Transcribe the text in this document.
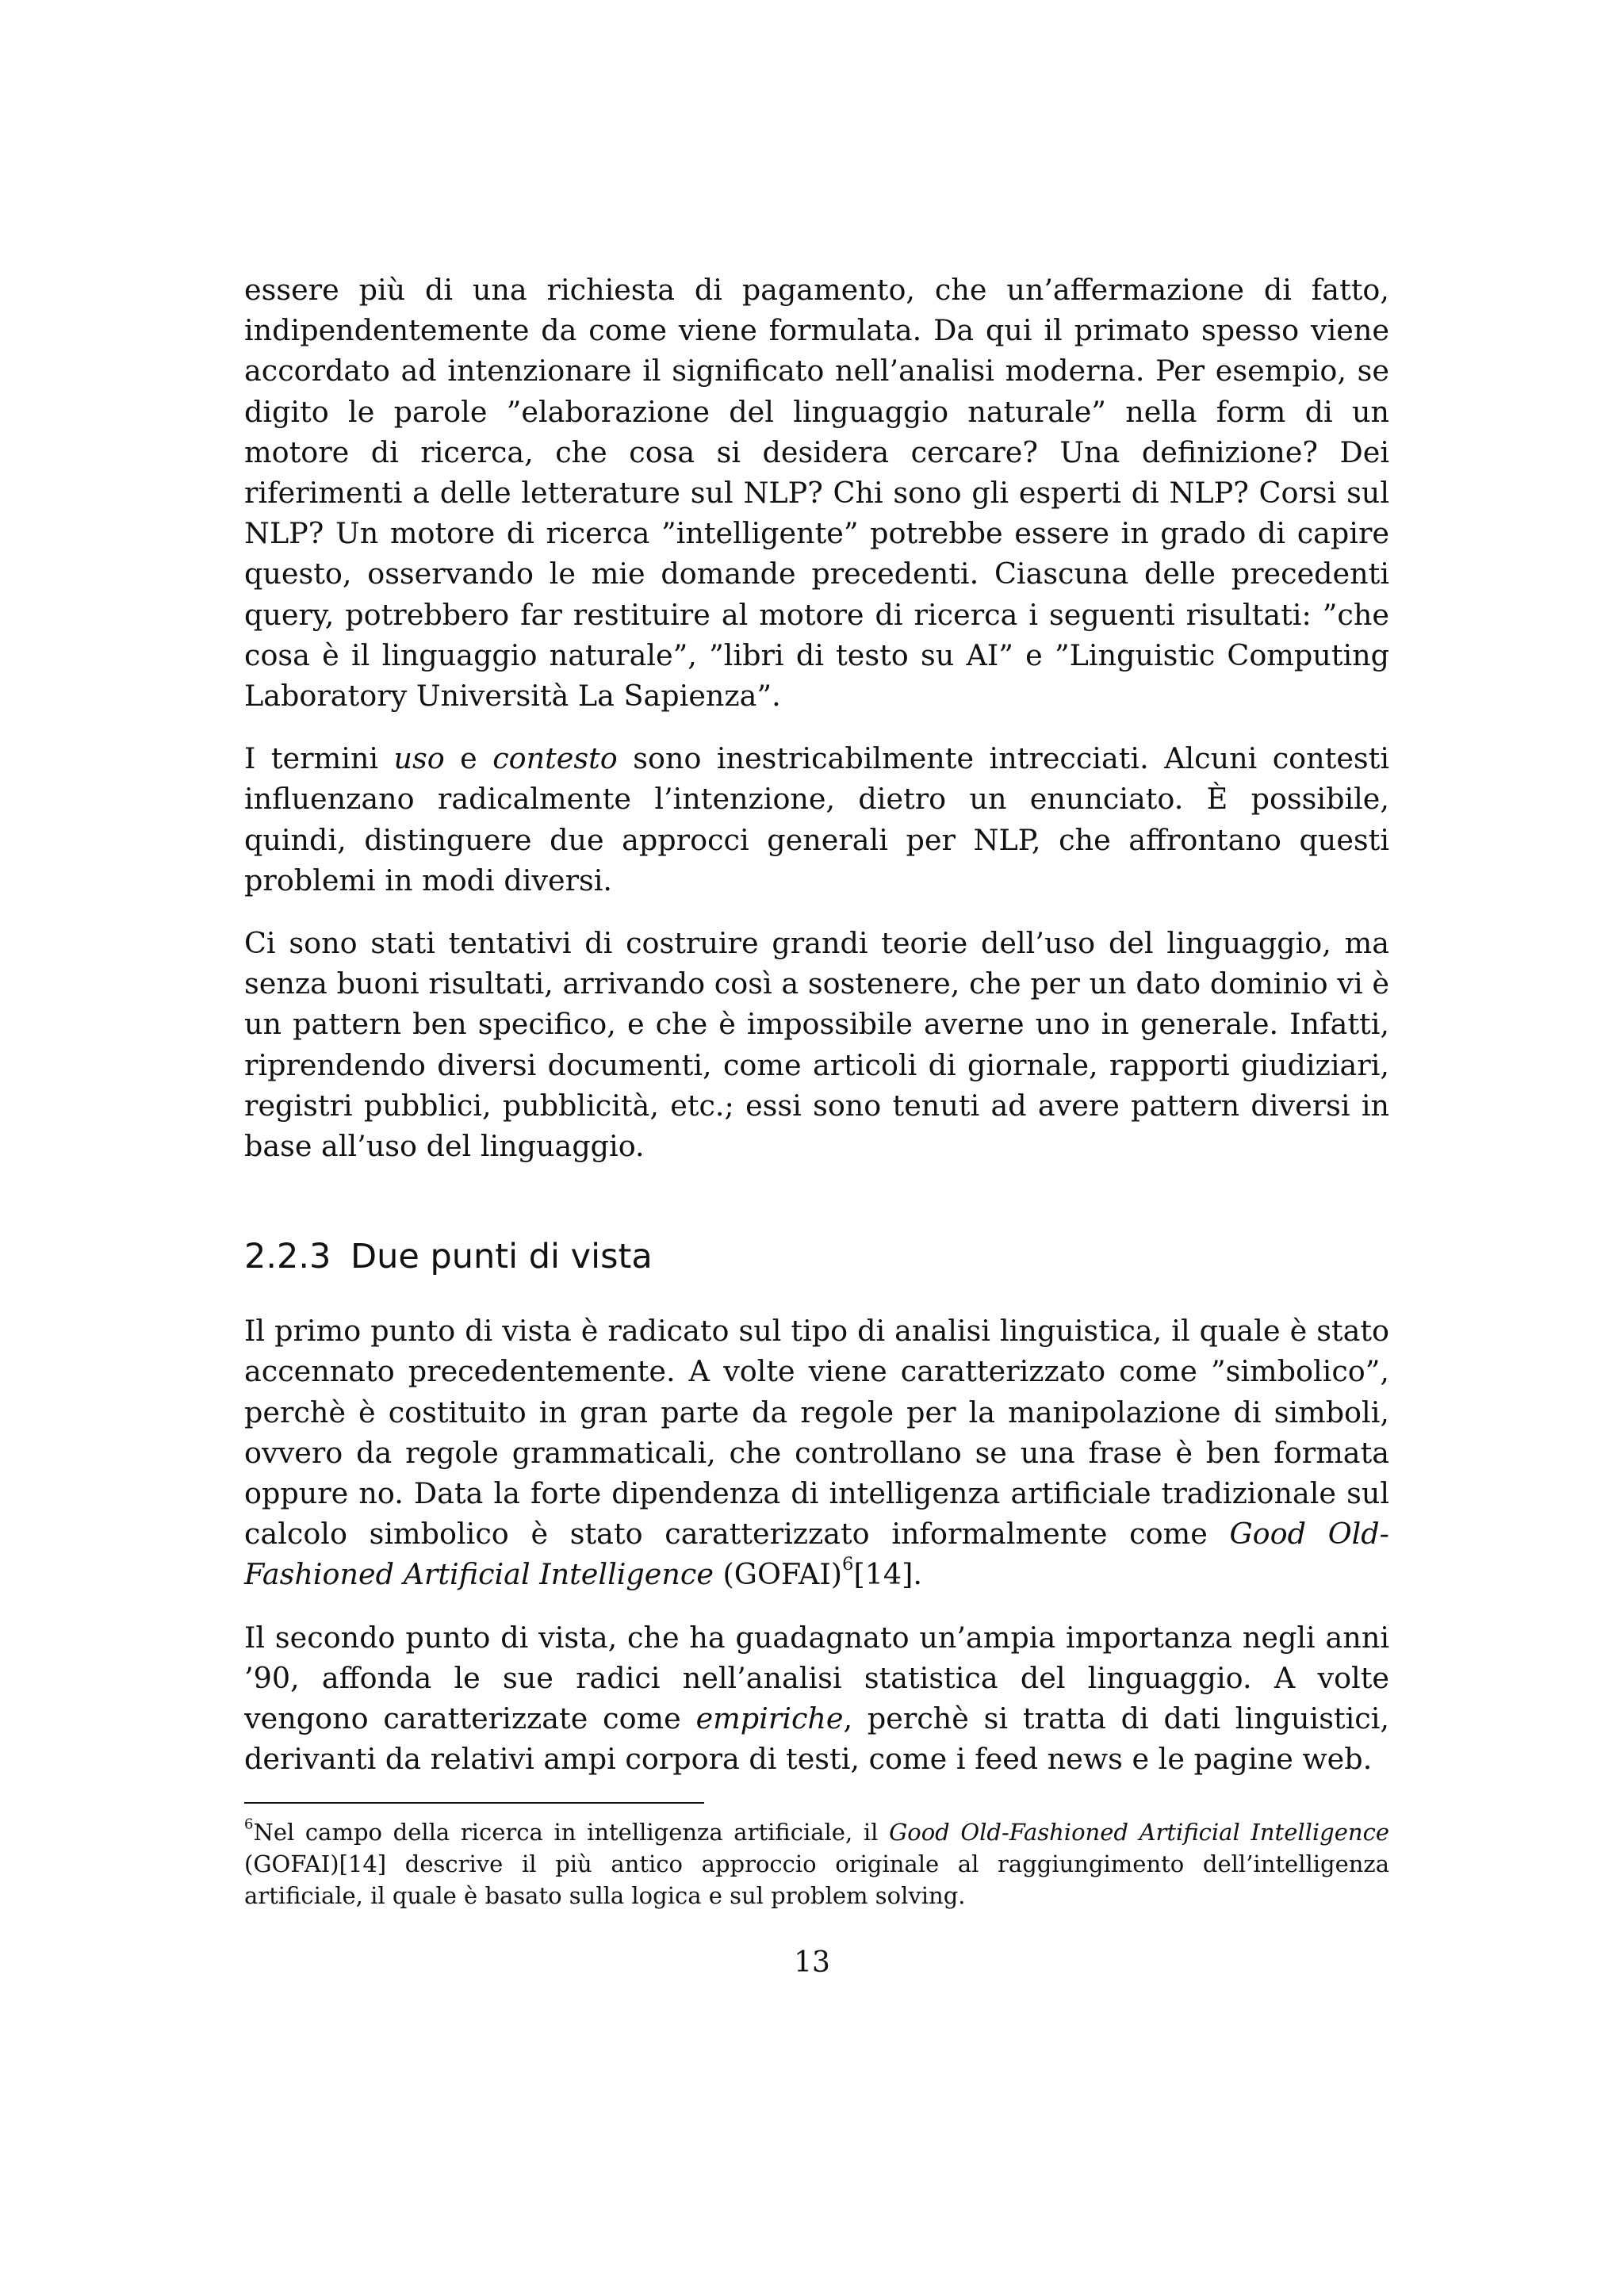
essere più di una richiesta di pagamento, che un’affermazione di fatto, indipendentemente da come viene formulata. Da qui il primato spesso viene accordato ad intenzionare il significato nell’analisi moderna. Per esempio, se digito le parole ”elaborazione del linguaggio naturale” nella form di un motore di ricerca, che cosa si desidera cercare? Una definizione? Dei riferimenti a delle letterature sul NLP? Chi sono gli esperti di NLP? Corsi sul NLP? Un motore di ricerca ”intelligente” potrebbe essere in grado di capire questo, osservando le mie domande precedenti. Ciascuna delle precedenti query, potrebbero far restituire al motore di ricerca i seguenti risultati: ”che cosa è il linguaggio naturale”, ”libri di testo su AI” e ”Linguistic Computing Laboratory Università La Sapienza”.

I termini uso e contesto sono inestricabilmente intrecciati. Alcuni contesti influenzano radicalmente l’intenzione, dietro un enunciato. È possibile, quindi, distinguere due approcci generali per NLP, che affrontano questi problemi in modi diversi.

Ci sono stati tentativi di costruire grandi teorie dell’uso del linguaggio, ma senza buoni risultati, arrivando così a sostenere, che per un dato dominio vi è un pattern ben specifico, e che è impossibile averne uno in generale. Infatti, riprendendo diversi documenti, come articoli di giornale, rapporti giudiziari, registri pubblici, pubblicità, etc.; essi sono tenuti ad avere pattern diversi in base all’uso del linguaggio.

2.2.3 Due punti di vista

Il primo punto di vista è radicato sul tipo di analisi linguistica, il quale è stato accennato precedentemente. A volte viene caratterizzato come ”simbolico”, perchè è costituito in gran parte da regole per la manipolazione di simboli, ovvero da regole grammaticali, che controllano se una frase è ben formata oppure no. Data la forte dipendenza di intelligenza artificiale tradizionale sul calcolo simbolico è stato caratterizzato informalmente come Good Old-Fashioned Artificial Intelligence (GOFAI)$^6$[14].

Il secondo punto di vista, che ha guadagnato un’ampia importanza negli anni ’90, affonda le sue radici nell’analisi statistica del linguaggio. A volte vengono caratterizzate come empiriche, perchè si tratta di dati linguistici, derivanti da relativi ampi corpora di testi, come i feed news e le pagine web.

$^6$Nel campo della ricerca in intelligenza artificiale, il Good Old-Fashioned Artificial Intelligence (GOFAI)[14] descrive il più antico approccio originale al raggiungimento dell’intelligenza artificiale, il quale è basato sulla logica e sul problem solving.

13
